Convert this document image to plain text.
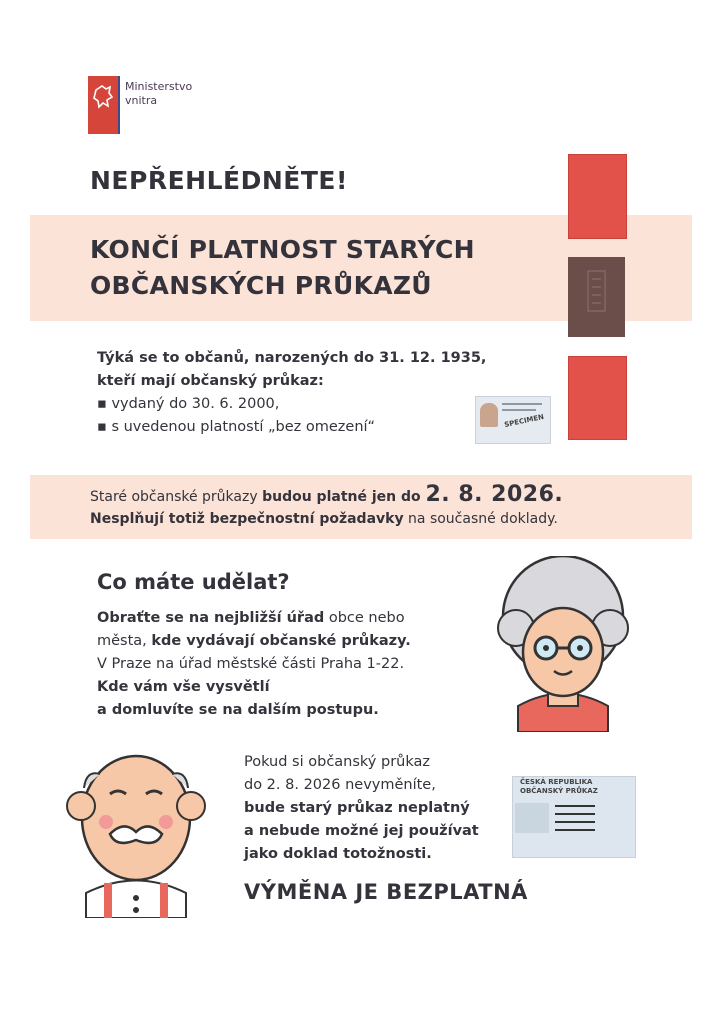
Ministerstvo
vnitra
NEPŘEHLÉDNĚTE!
KONČÍ PLATNOST STARÝCH
OBČANSKÝCH PRŮKAZŮ
Týká se to občanů, narozených do 31. 12. 1935,
kteří mají občanský průkaz:
▪ vydaný do 30. 6. 2000,
▪ s uvedenou platností „bez omezení“	SPECIMEN
Staré občanské průkazy budou platné jen do 2. 8. 2026.
Nesplňují totiž bezpečnostní požadavky na současné doklady.
Co máte udělat?
Obraťte se na nejbližší úřad obce nebo
města, kde vydávají občanské průkazy.
V Praze na úřad městské části Praha 1-22.
Kde vám vše vysvětlí
a domluvíte se na dalším postupu.
Pokud si občanský průkaz
do 2. 8. 2026 nevyměníte,
bude starý průkaz neplatný
a nebude možné jej používat
jako doklad totožnosti.
ČESKÁ REPUBLIKA
OBČANSKÝ PRŮKAZ
VÝMĚNA JE BEZPLATNÁ
